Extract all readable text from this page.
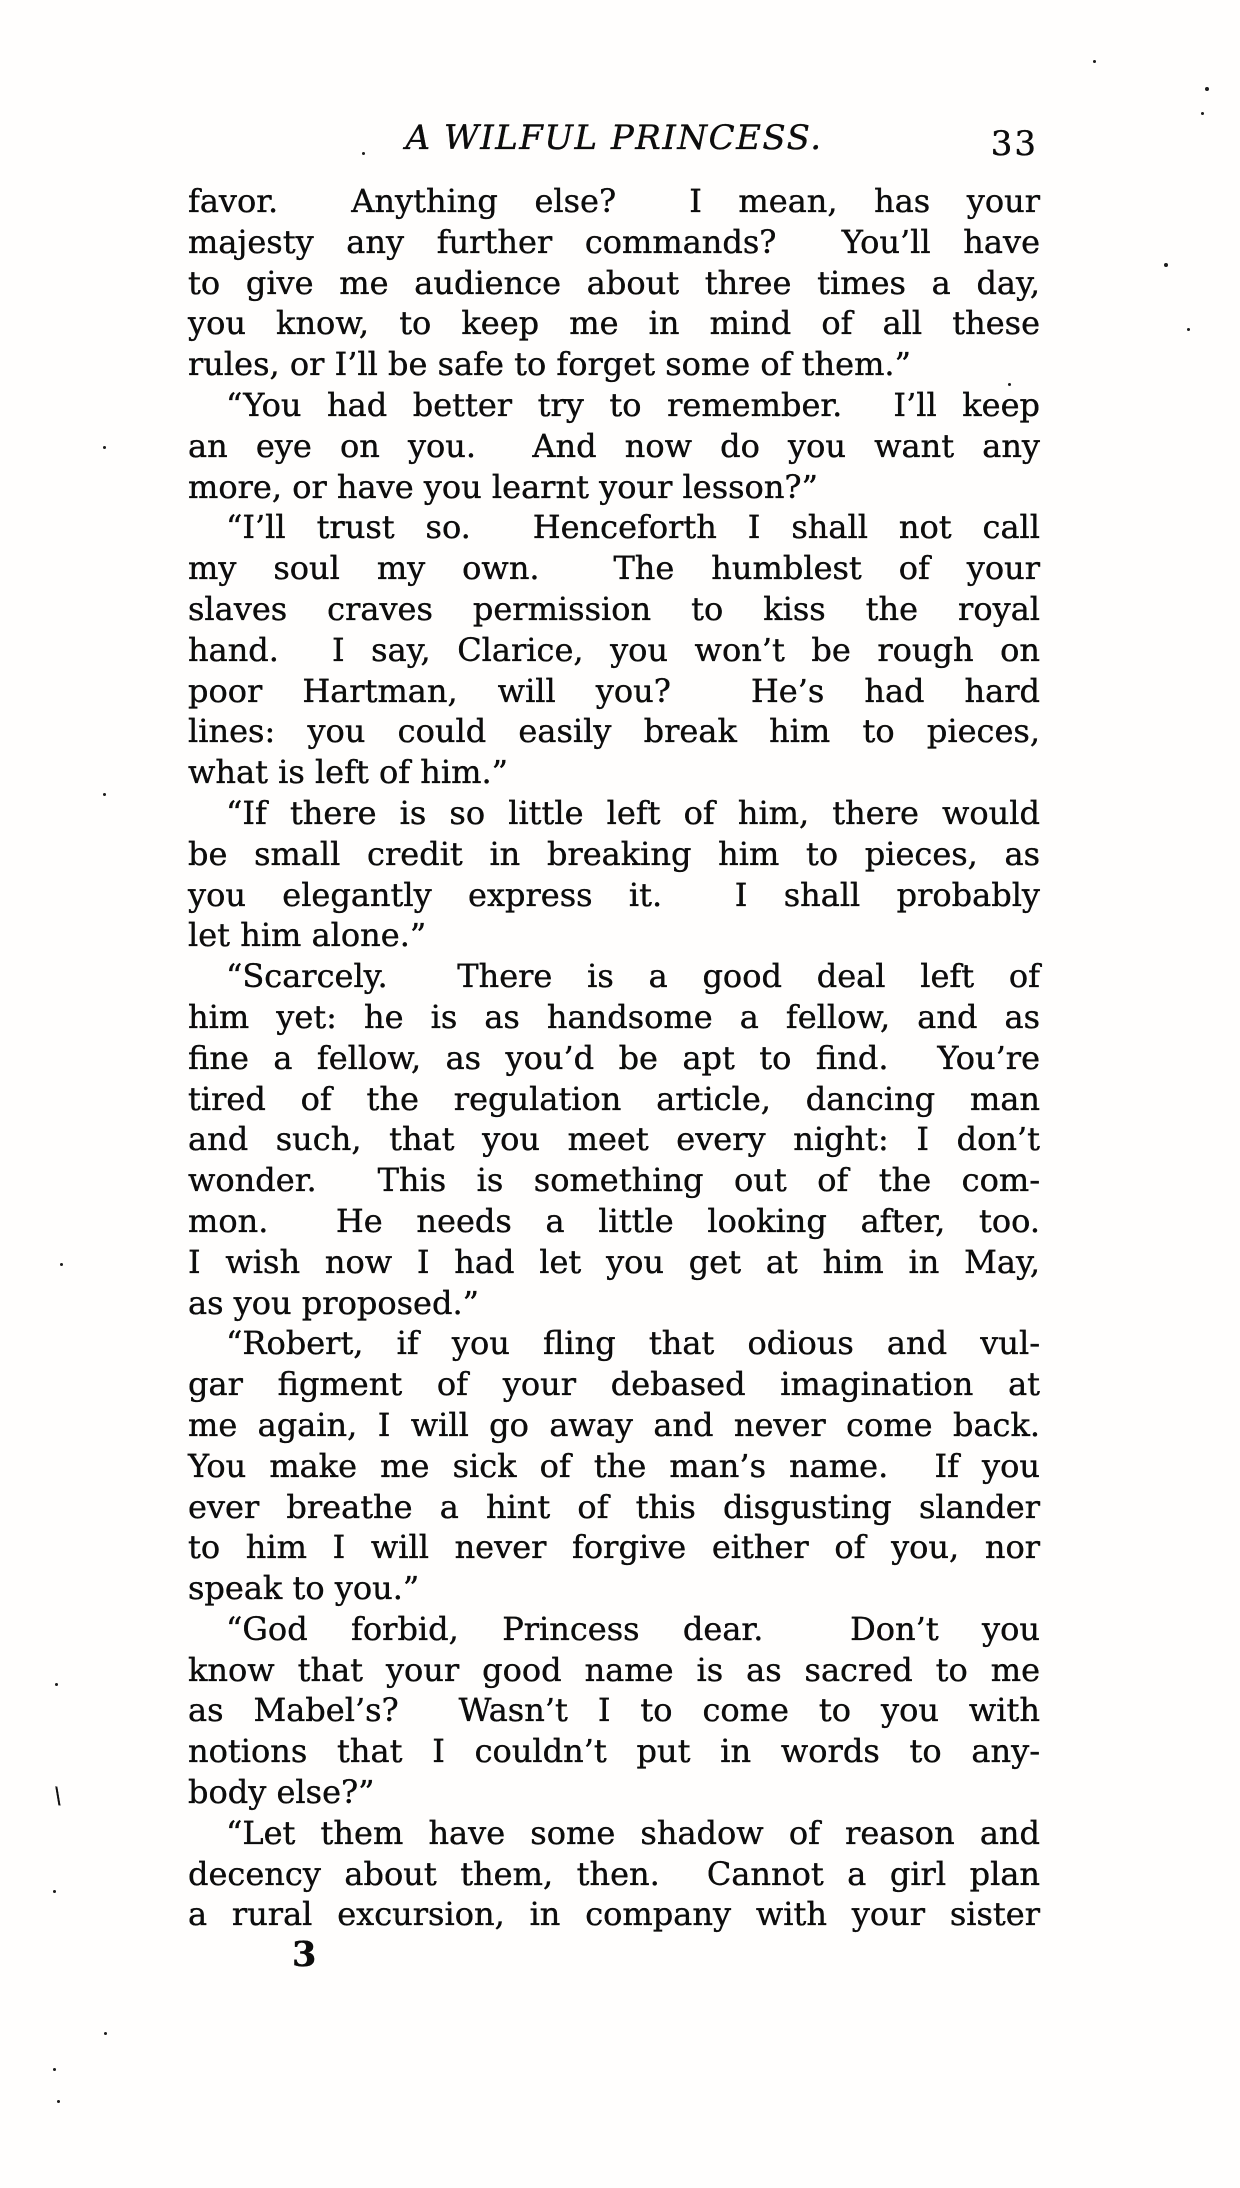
A WILFUL PRINCESS.	33
favor.  Anything else?  I mean, has your
majesty any further commands?  You’ll have
to give me audience about three times a day,
you know, to keep me in mind of all these
rules, or I’ll be safe to forget some of them.”
“You had better try to remember.  I’ll keep
an eye on you.  And now do you want any
more, or have you learnt your lesson?”
“I’ll trust so.  Henceforth I shall not call
my soul my own.  The humblest of your
slaves craves permission to kiss the royal
hand.  I say, Clarice, you won’t be rough on
poor Hartman, will you?  He’s had hard
lines: you could easily break him to pieces,
what is left of him.”
“If there is so little left of him, there would
be small credit in breaking him to pieces, as
you elegantly express it.  I shall probably
let him alone.”
“Scarcely.  There is a good deal left of
him yet: he is as handsome a fellow, and as
fine a fellow, as you’d be apt to find.  You’re
tired of the regulation article, dancing man
and such, that you meet every night: I don’t
wonder.  This is something out of the com-
mon.  He needs a little looking after, too.
I wish now I had let you get at him in May,
as you proposed.”
“Robert, if you fling that odious and vul-
gar figment of your debased imagination at
me again, I will go away and never come back.
You make me sick of the man’s name.  If you
ever breathe a hint of this disgusting slander
to him I will never forgive either of you, nor
speak to you.”
“God forbid, Princess dear.  Don’t you
know that your good name is as sacred to me
as Mabel’s?  Wasn’t I to come to you with
notions that I couldn’t put in words to any-
body else?”
“Let them have some shadow of reason and
decency about them, then.  Cannot a girl plan
a rural excursion, in company with your sister
3
\
